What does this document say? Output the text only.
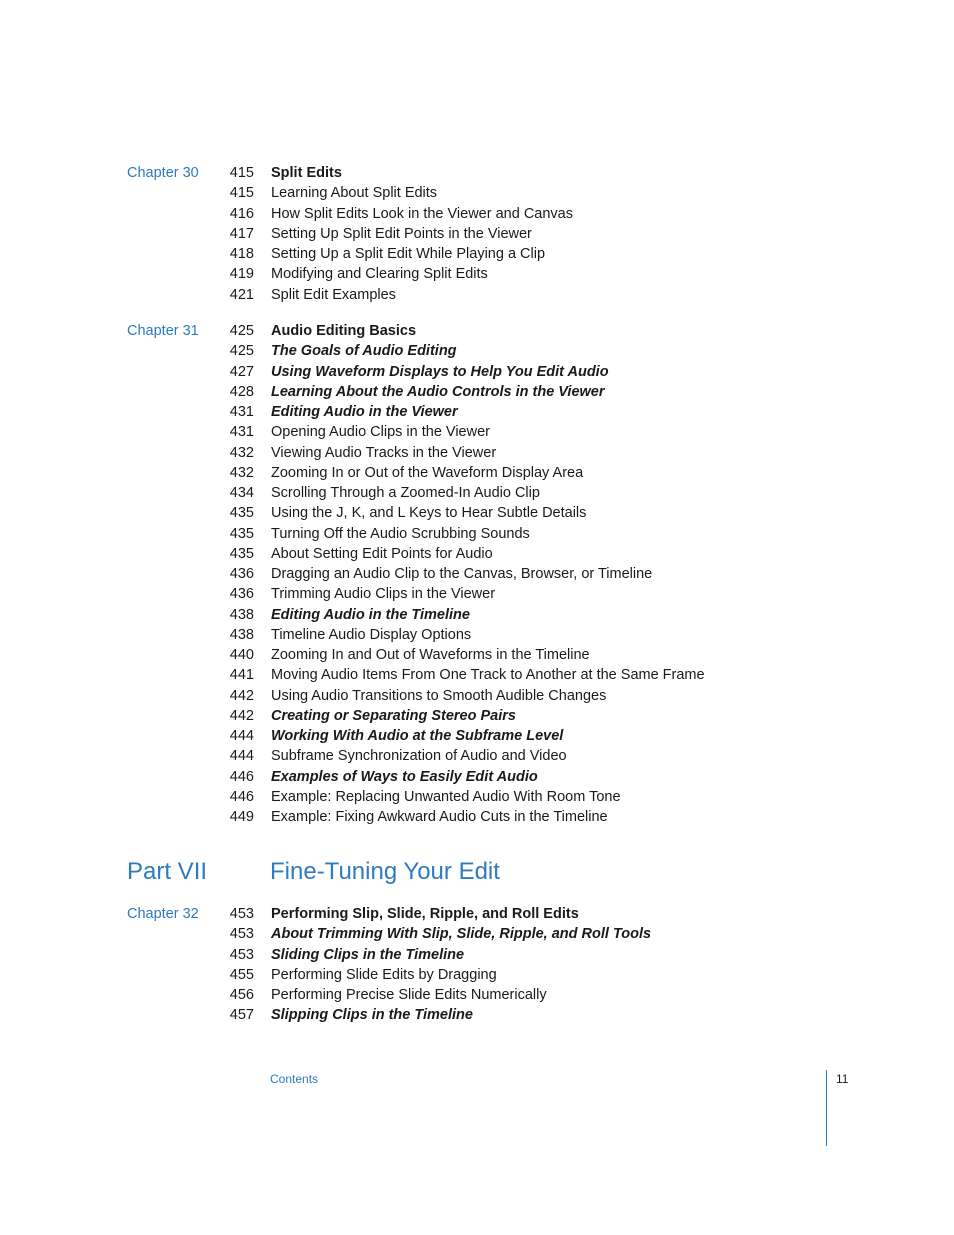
Chapter 30	415 Split Edits
415 Learning About Split Edits
416 How Split Edits Look in the Viewer and Canvas
417 Setting Up Split Edit Points in the Viewer
418 Setting Up a Split Edit While Playing a Clip
419 Modifying and Clearing Split Edits
421 Split Edit Examples
Chapter 31	425 Audio Editing Basics
425 The Goals of Audio Editing
427 Using Waveform Displays to Help You Edit Audio
428 Learning About the Audio Controls in the Viewer
431 Editing Audio in the Viewer
431 Opening Audio Clips in the Viewer
432 Viewing Audio Tracks in the Viewer
432 Zooming In or Out of the Waveform Display Area
434 Scrolling Through a Zoomed-In Audio Clip
435 Using the J, K, and L Keys to Hear Subtle Details
435 Turning Off the Audio Scrubbing Sounds
435 About Setting Edit Points for Audio
436 Dragging an Audio Clip to the Canvas, Browser, or Timeline
436 Trimming Audio Clips in the Viewer
438 Editing Audio in the Timeline
438 Timeline Audio Display Options
440 Zooming In and Out of Waveforms in the Timeline
441 Moving Audio Items From One Track to Another at the Same Frame
442 Using Audio Transitions to Smooth Audible Changes
442 Creating or Separating Stereo Pairs
444 Working With Audio at the Subframe Level
444 Subframe Synchronization of Audio and Video
446 Examples of Ways to Easily Edit Audio
446 Example: Replacing Unwanted Audio With Room Tone
449 Example: Fixing Awkward Audio Cuts in the Timeline
Part VII	Fine-Tuning Your Edit
Chapter 32	453 Performing Slip, Slide, Ripple, and Roll Edits
453 About Trimming With Slip, Slide, Ripple, and Roll Tools
453 Sliding Clips in the Timeline
455 Performing Slide Edits by Dragging
456 Performing Precise Slide Edits Numerically
457 Slipping Clips in the Timeline
Contents	11
